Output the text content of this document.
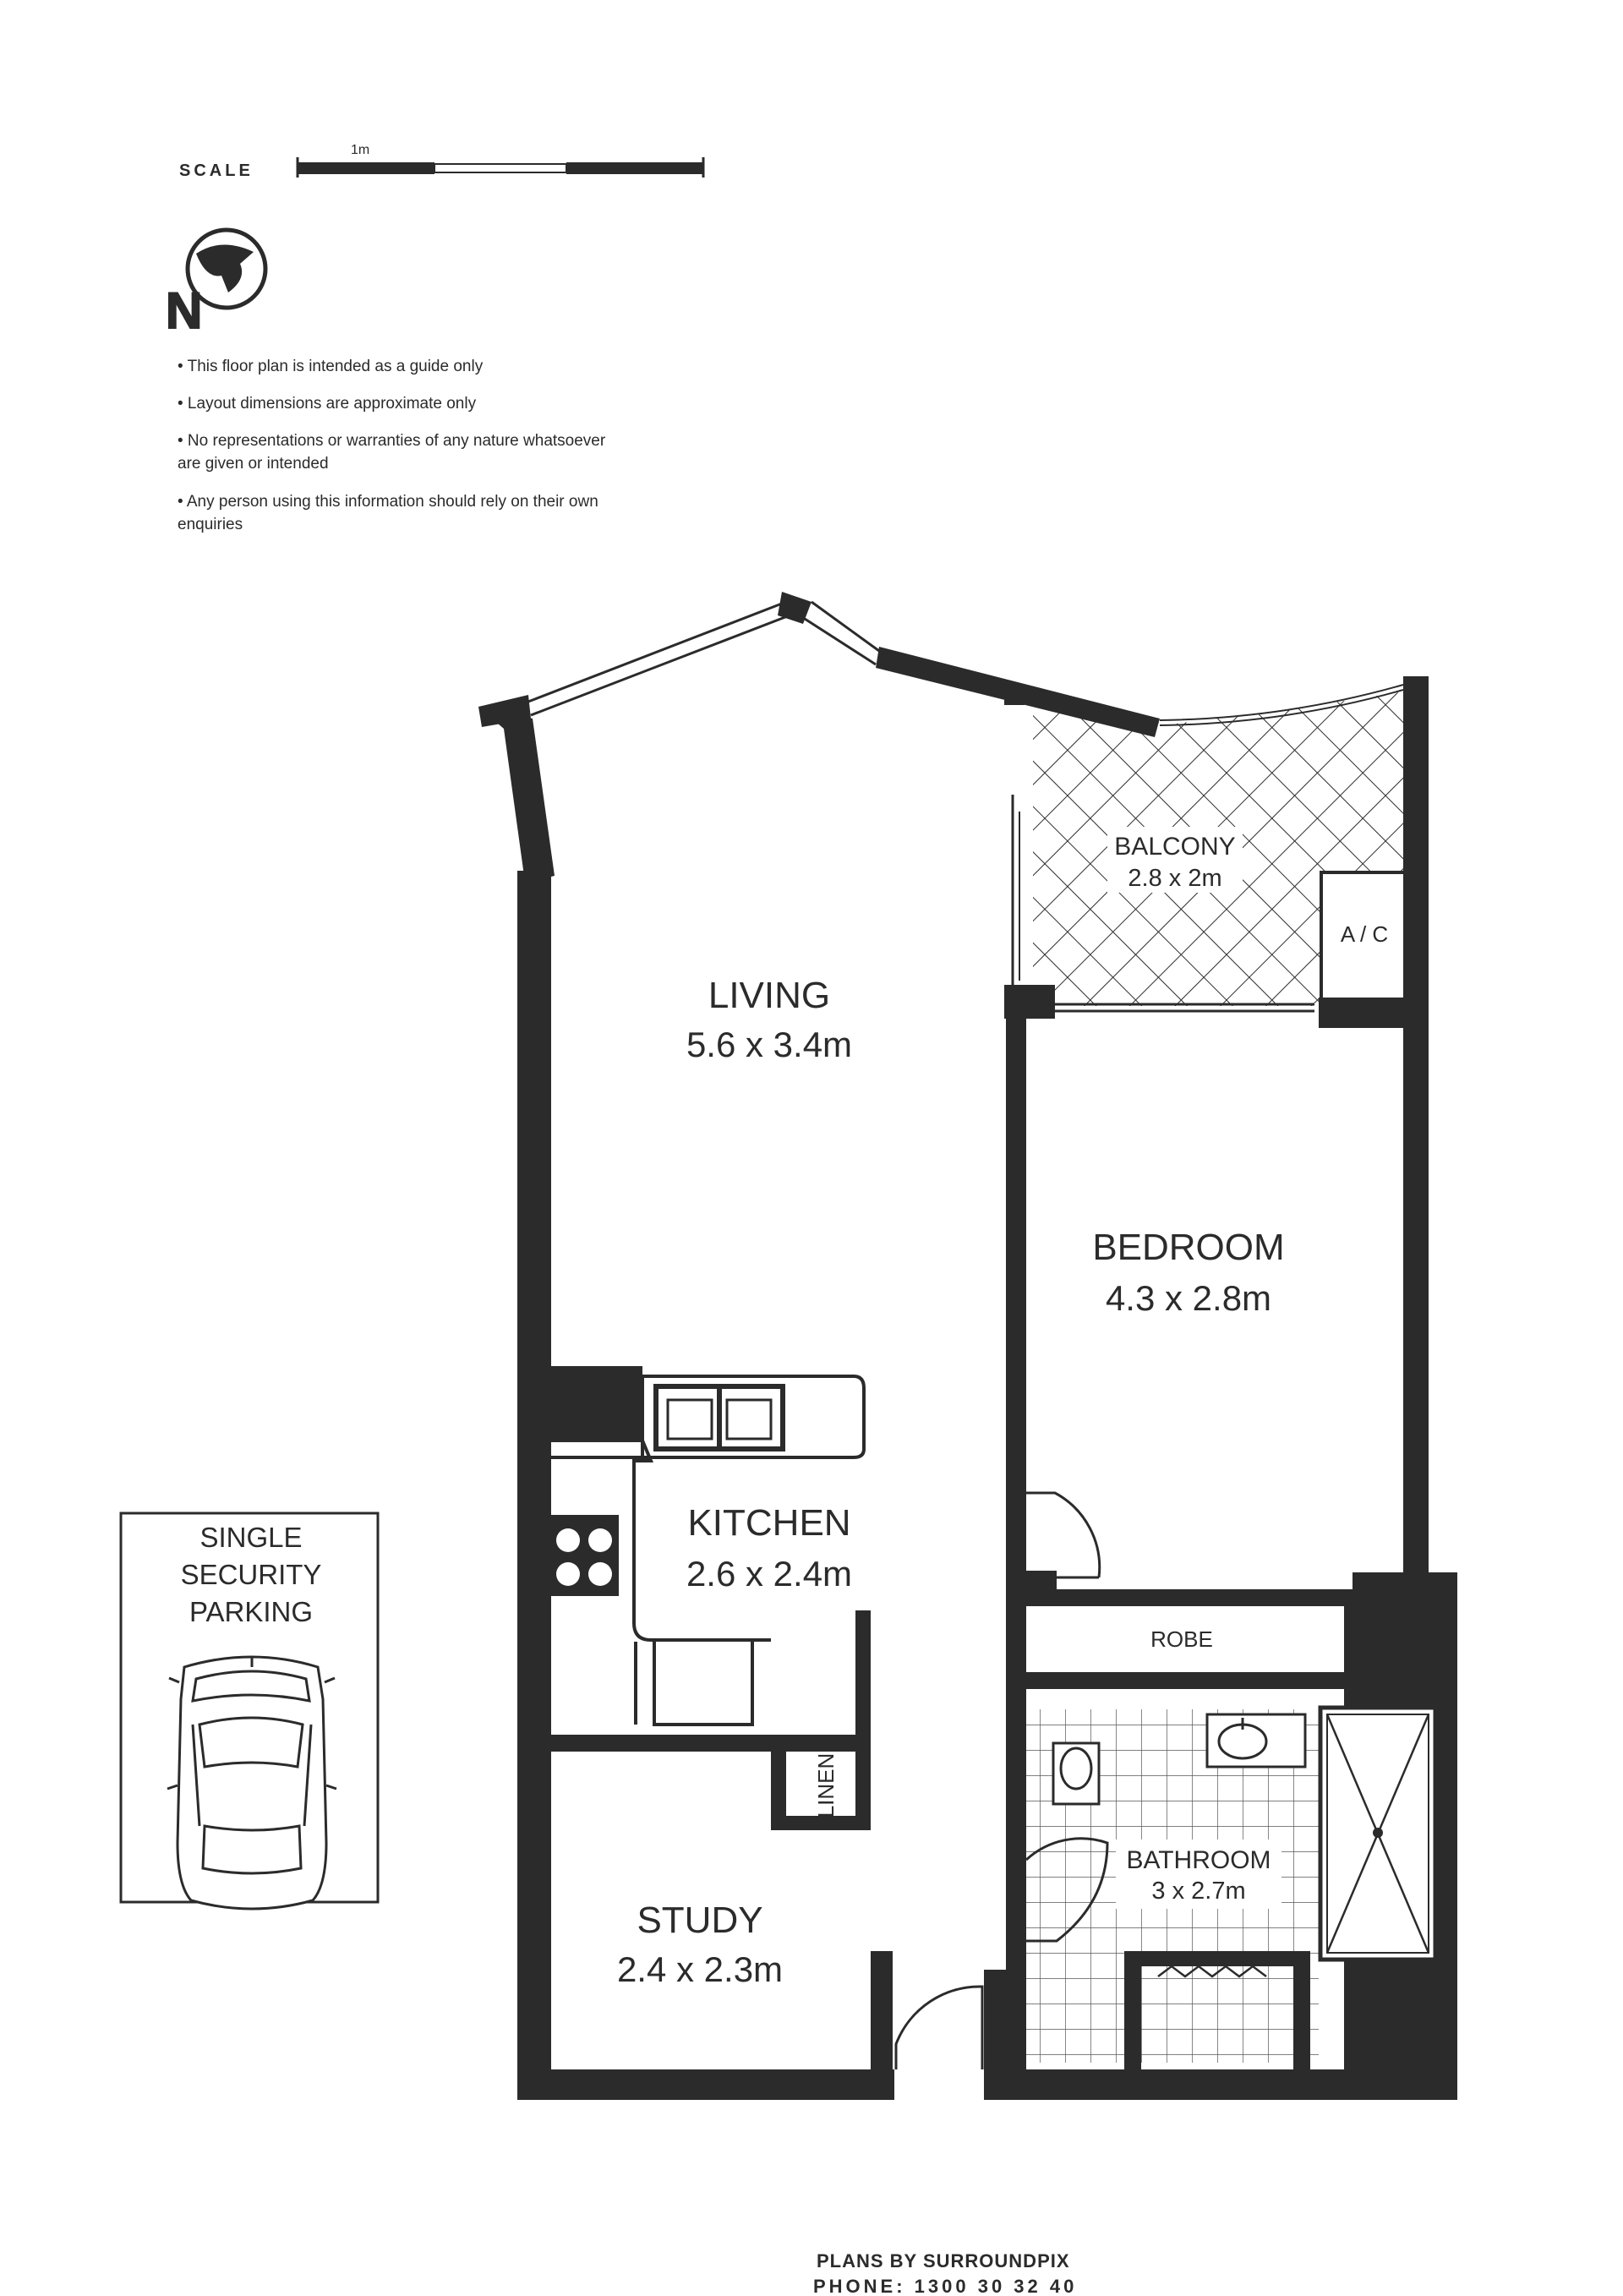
SCALE
1m
N
LIVING
5.6 x 3.4m
BALCONY
2.8 x 2m
A / C
BEDROOM
4.3 x 2.8m
KITCHEN
2.6 x 2.4m
ROBE
LINEN
BATHROOM
3 x 2.7m
STUDY
2.4 x 2.3m
SINGLE
SECURITY
PARKING
PLANS BY SURROUNDPIX
PHONE: 1300 30 32 40
• This floor plan is intended as a guide only
• Layout dimensions are approximate only
• No representations or warranties of any nature whatsoever are given or intended
• Any person using this information should rely on their own enquiries
